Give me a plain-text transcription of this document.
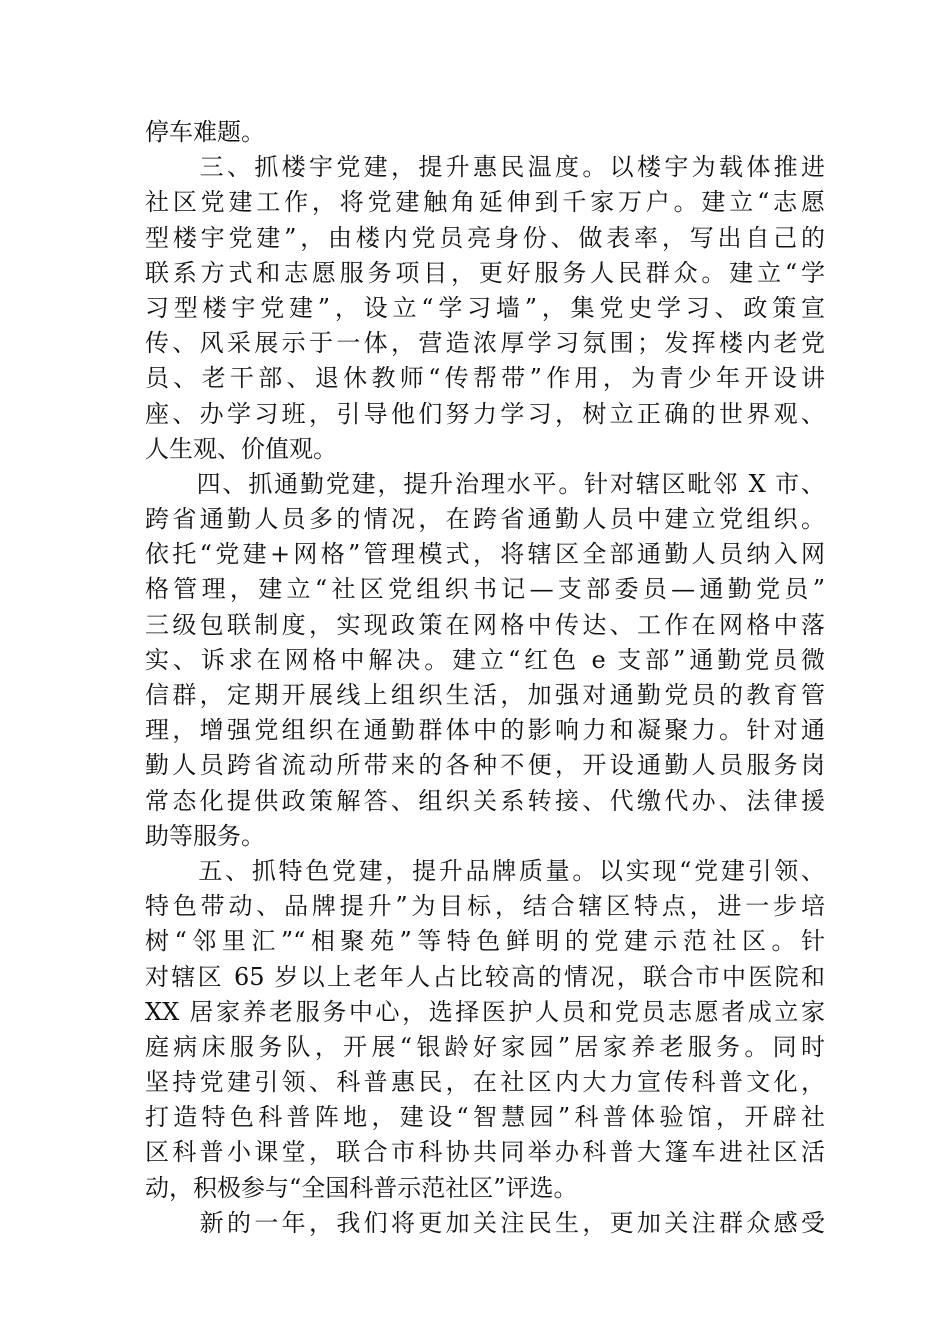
停车难题。
　　三、抓楼宇党建，提升惠民温度。以楼宇为载体推进
社区党建工作，将党建触角延伸到千家万户。建立“志愿
型楼宇党建”，由楼内党员亮身份、做表率，写出自己的
联系方式和志愿服务项目，更好服务人民群众。建立“学
习型楼宇党建”，设立“学习墙”，集党史学习、政策宣
传、风采展示于一体，营造浓厚学习氛围；发挥楼内老党
员、老干部、退休教师“传帮带”作用，为青少年开设讲
座、办学习班，引导他们努力学习，树立正确的世界观、
人生观、价值观。
　　四、抓通勤党建，提升治理水平。针对辖区毗邻 X 市、
跨省通勤人员多的情况，在跨省通勤人员中建立党组织。
依托“党建+网格”管理模式，将辖区全部通勤人员纳入网
格管理，建立“社区党组织书记—支部委员—通勤党员”
三级包联制度，实现政策在网格中传达、工作在网格中落
实、诉求在网格中解决。建立“红色 e 支部”通勤党员微
信群，定期开展线上组织生活，加强对通勤党员的教育管
理，增强党组织在通勤群体中的影响力和凝聚力。针对通
勤人员跨省流动所带来的各种不便，开设通勤人员服务岗
常态化提供政策解答、组织关系转接、代缴代办、法律援
助等服务。
　　五、抓特色党建，提升品牌质量。以实现“党建引领、
特色带动、品牌提升”为目标，结合辖区特点，进一步培
树“邻里汇”“相聚苑”等特色鲜明的党建示范社区。针
对辖区 65 岁以上老年人占比较高的情况，联合市中医院和
XX 居家养老服务中心，选择医护人员和党员志愿者成立家
庭病床服务队，开展“银龄好家园”居家养老服务。同时
坚持党建引领、科普惠民，在社区内大力宣传科普文化，
打造特色科普阵地，建设“智慧园”科普体验馆，开辟社
区科普小课堂，联合市科协共同举办科普大篷车进社区活
动，积极参与“全国科普示范社区”评选。
　　新的一年，我们将更加关注民生，更加关注群众感受
